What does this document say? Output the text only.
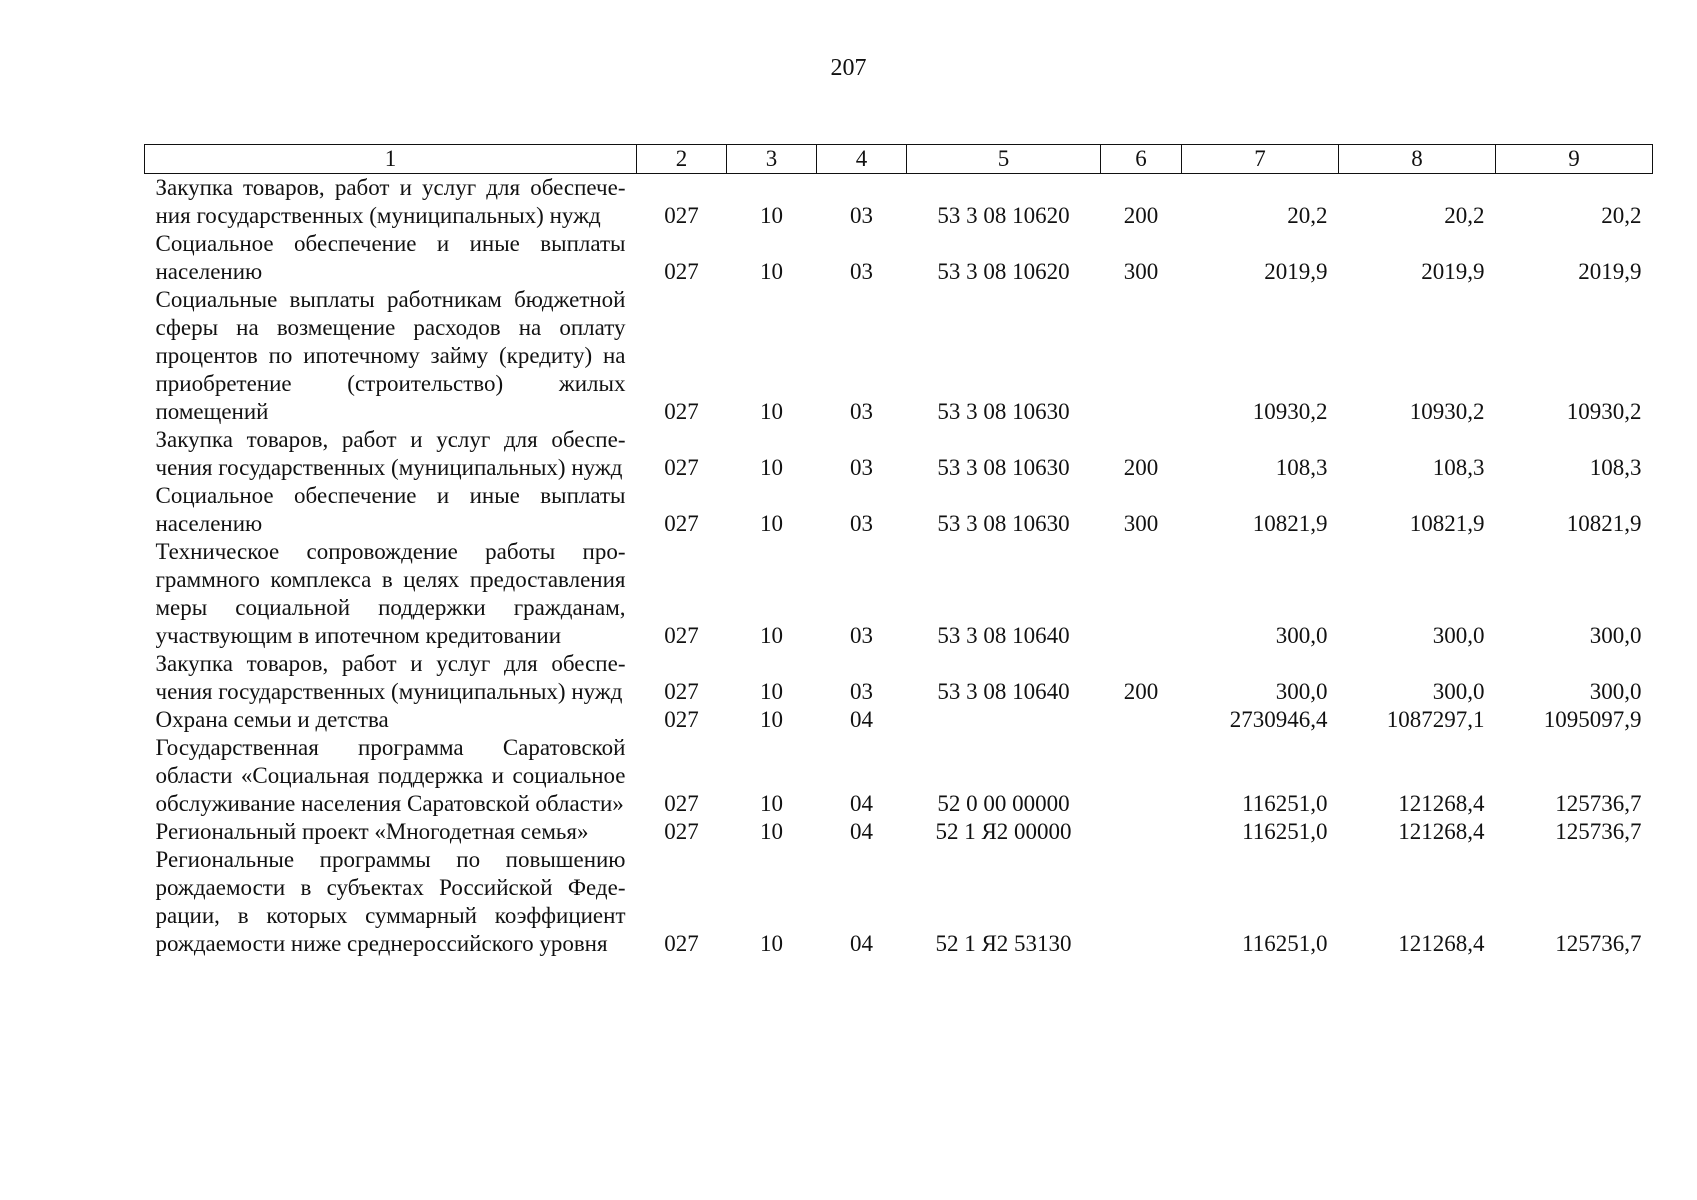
207
1	2	3	4	5	6	7	8	9
Закупка товаров, работ и услуг для обеспечения государственных (муниципальных) нужд	027	10	03	53 3 08 10620	200	20,2	20,2	20,2
Социальное обеспечение и иные выплаты населению	027	10	03	53 3 08 10620	300	2019,9	2019,9	2019,9
Социальные выплаты работникам бюджетной сферы на возмещение расходов на оплату процентов по ипотечному займу (кредиту) на приобретение (строительство) жилых помещений	027	10	03	53 3 08 10630		10930,2	10930,2	10930,2
Закупка товаров, работ и услуг для обеспечения государственных (муниципальных) нужд	027	10	03	53 3 08 10630	200	108,3	108,3	108,3
Социальное обеспечение и иные выплаты населению	027	10	03	53 3 08 10630	300	10821,9	10821,9	10821,9
Техническое сопровождение работы программного комплекса в целях предоставления меры социальной поддержки гражданам, участвующим в ипотечном кредитовании	027	10	03	53 3 08 10640		300,0	300,0	300,0
Закупка товаров, работ и услуг для обеспечения государственных (муниципальных) нужд	027	10	03	53 3 08 10640	200	300,0	300,0	300,0
Охрана семьи и детства	027	10	04			2730946,4	1087297,1	1095097,9
Государственная программа Саратовской области «Социальная поддержка и социальное обслуживание населения Саратовской области»	027	10	04	52 0 00 00000		116251,0	121268,4	125736,7
Региональный проект «Многодетная семья»	027	10	04	52 1 Я2 00000		116251,0	121268,4	125736,7
Региональные программы по повышению рождаемости в субъектах Российской Федерации, в которых суммарный коэффициент рождаемости ниже среднероссийского уровня	027	10	04	52 1 Я2 53130		116251,0	121268,4	125736,7
